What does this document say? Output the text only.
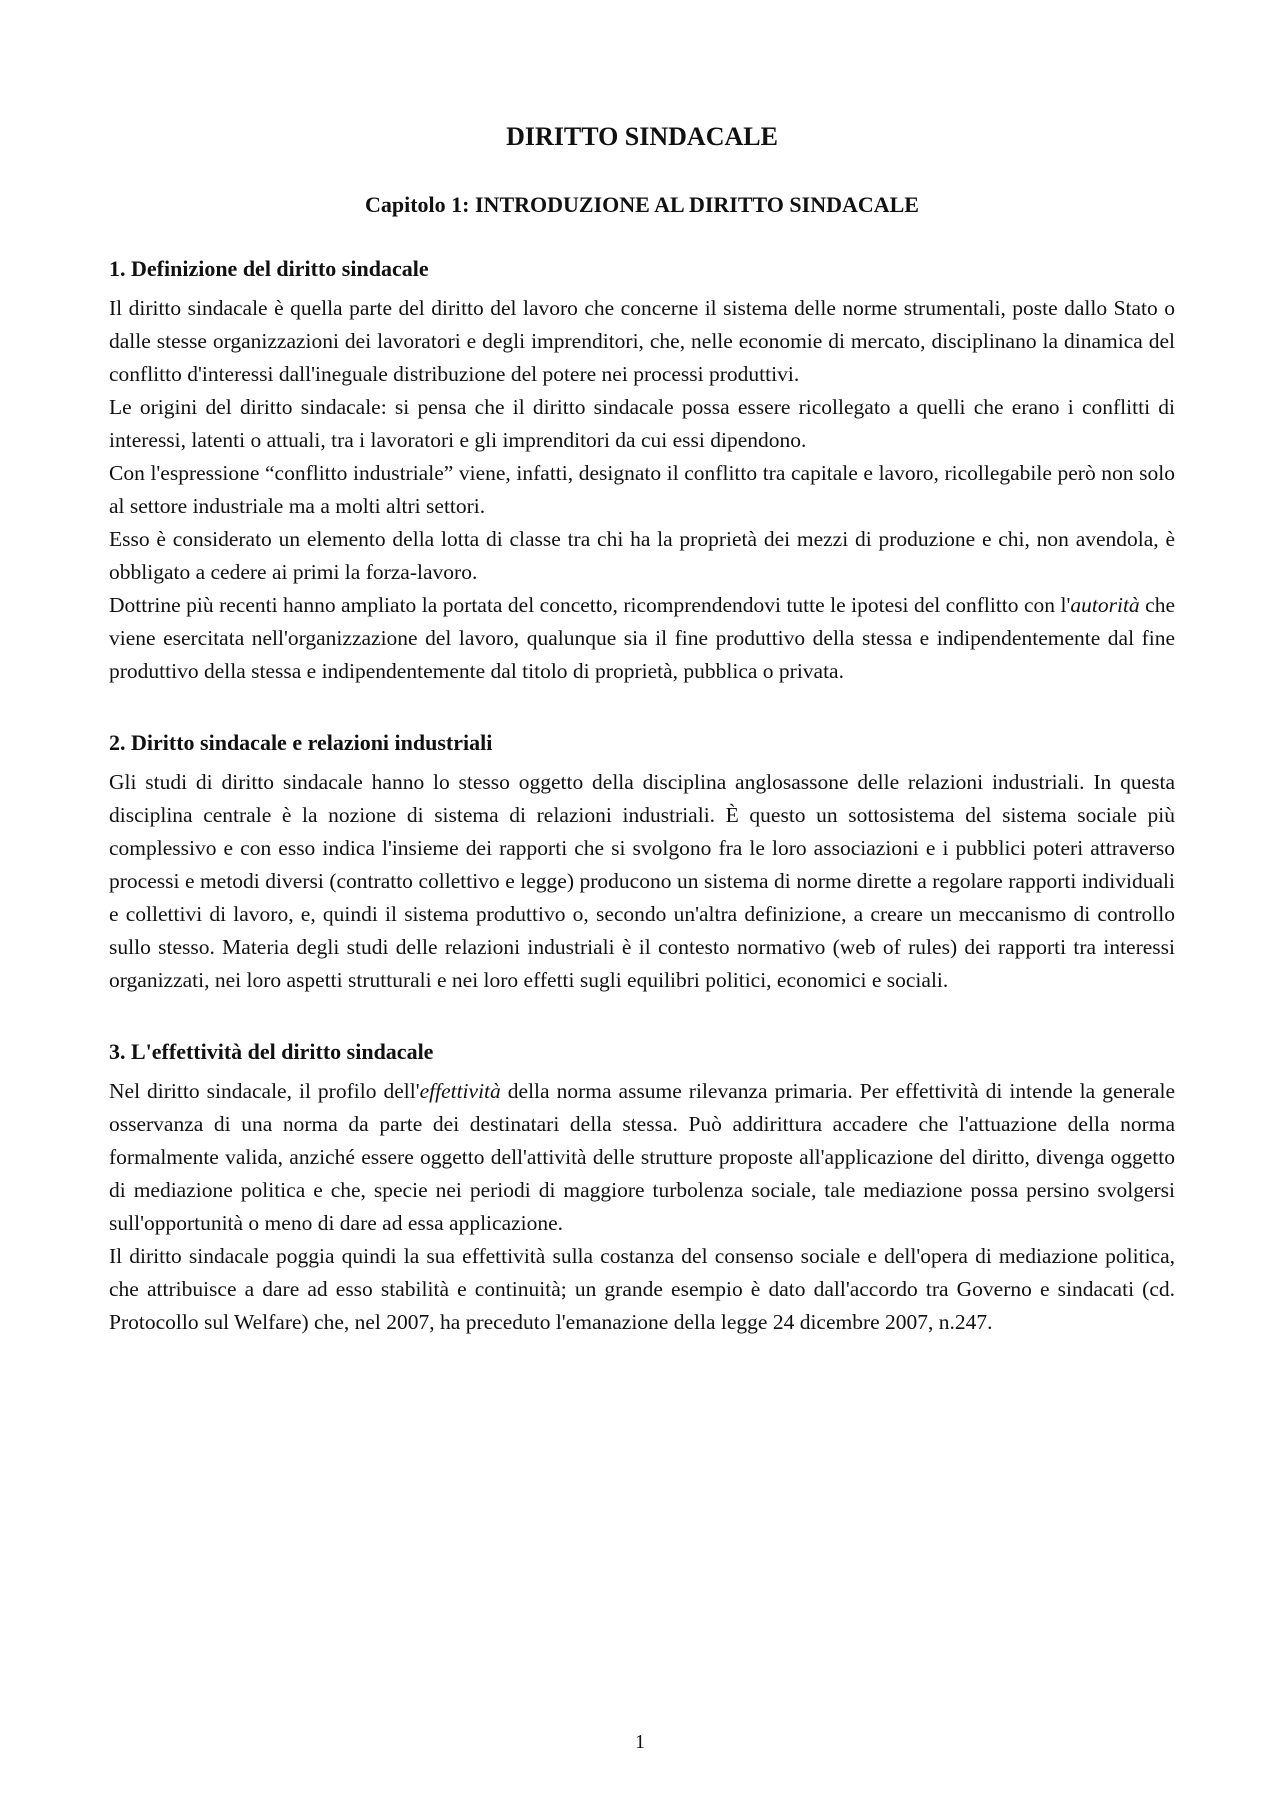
DIRITTO SINDACALE
Capitolo 1: INTRODUZIONE AL DIRITTO SINDACALE
1. Definizione del diritto sindacale

Il diritto sindacale è quella parte del diritto del lavoro che concerne il sistema delle norme strumentali, poste dallo Stato o dalle stesse organizzazioni dei lavoratori e degli imprenditori, che, nelle economie di mercato, disciplinano la dinamica del conflitto d'interessi dall'ineguale distribuzione del potere nei processi produttivi.

Le origini del diritto sindacale: si pensa che il diritto sindacale possa essere ricollegato a quelli che erano i conflitti di interessi, latenti o attuali, tra i lavoratori e gli imprenditori da cui essi dipendono.

Con l'espressione “conflitto industriale” viene, infatti, designato il conflitto tra capitale e lavoro, ricollegabile però non solo al settore industriale ma a molti altri settori.

Esso è considerato un elemento della lotta di classe tra chi ha la proprietà dei mezzi di produzione e chi, non avendola, è obbligato a cedere ai primi la forza-lavoro.

Dottrine più recenti hanno ampliato la portata del concetto, ricomprendendovi tutte le ipotesi del conflitto con l'autorità che viene esercitata nell'organizzazione del lavoro, qualunque sia il fine produttivo della stessa e indipendentemente dal fine produttivo della stessa e indipendentemente dal titolo di proprietà, pubblica o privata.

2. Diritto sindacale e relazioni industriali

Gli studi di diritto sindacale hanno lo stesso oggetto della disciplina anglosassone delle relazioni industriali. In questa disciplina centrale è la nozione di sistema di relazioni industriali. È questo un sottosistema del sistema sociale più complessivo e con esso indica l'insieme dei rapporti che si svolgono fra le loro associazioni e i pubblici poteri attraverso processi e metodi diversi (contratto collettivo e legge) producono un sistema di norme dirette a regolare rapporti individuali e collettivi di lavoro, e, quindi il sistema produttivo o, secondo un'altra definizione, a creare un meccanismo di controllo sullo stesso. Materia degli studi delle relazioni industriali è il contesto normativo (web of rules) dei rapporti tra interessi organizzati, nei loro aspetti strutturali e nei loro effetti sugli equilibri politici, economici e sociali.

3. L'effettività del diritto sindacale

Nel diritto sindacale, il profilo dell'effettività della norma assume rilevanza primaria. Per effettività di intende la generale osservanza di una norma da parte dei destinatari della stessa. Può addirittura accadere che l'attuazione della norma formalmente valida, anziché essere oggetto dell'attività delle strutture proposte all'applicazione del diritto, divenga oggetto di mediazione politica e che, specie nei periodi di maggiore turbolenza sociale, tale mediazione possa persino svolgersi sull'opportunità o meno di dare ad essa applicazione.

Il diritto sindacale poggia quindi la sua effettività sulla costanza del consenso sociale e dell'opera di mediazione politica, che attribuisce a dare ad esso stabilità e continuità; un grande esempio è dato dall'accordo tra Governo e sindacati (cd. Protocollo sul Welfare) che, nel 2007, ha preceduto l'emanazione della legge 24 dicembre 2007, n.247.

1
